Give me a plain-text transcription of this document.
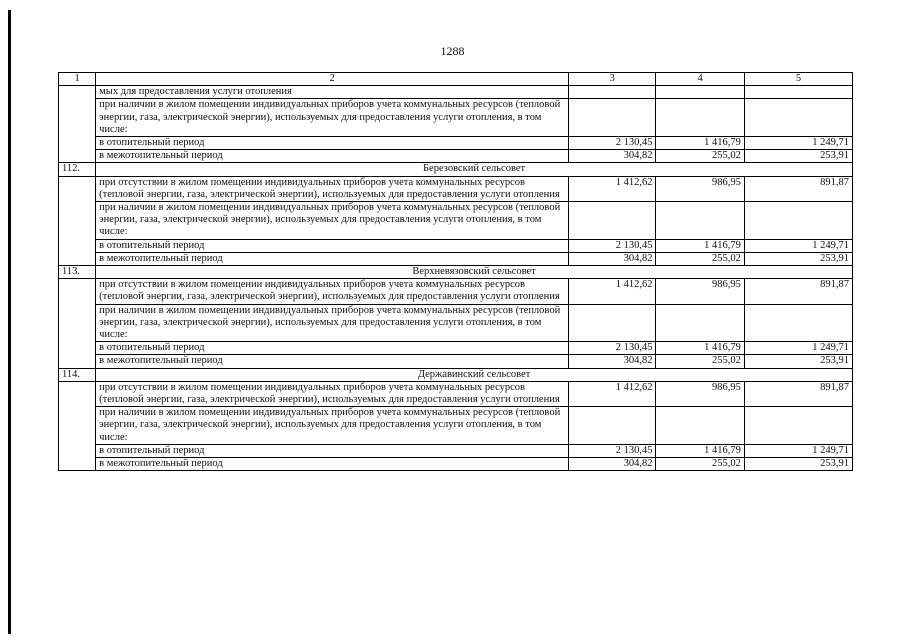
1288
1	2	3	4	5
	мых для предоставления услуги отопления			
	при наличии в жилом помещении индивидуальных приборов учета коммунальных ресурсов (тепловой энергии, газа, электрической энергии), используемых для предоставления услуги отопления, в том числе:			
	в отопительный период	2 130,45	1 416,79	1 249,71
	в межотопительный период	304,82	255,02	253,91
112.	Березовский сельсовет			
	при отсутствии в жилом помещении индивидуальных приборов учета коммунальных ресурсов (тепловой энергии, газа, электрической энергии), используемых для предоставления услуги отопления	1 412,62	986,95	891,87
	при наличии в жилом помещении индивидуальных приборов учета коммунальных ресурсов (тепловой энергии, газа, электрической энергии), используемых для предоставления услуги отопления, в том числе:			
	в отопительный период	2 130,45	1 416,79	1 249,71
	в межотопительный период	304,82	255,02	253,91
113.	Верхневязовский сельсовет			
	при отсутствии в жилом помещении индивидуальных приборов учета коммунальных ресурсов (тепловой энергии, газа, электрической энергии), используемых для предоставления услуги отопления	1 412,62	986,95	891,87
	при наличии в жилом помещении индивидуальных приборов учета коммунальных ресурсов (тепловой энергии, газа, электрической энергии), используемых для предоставления услуги отопления, в том числе:			
	в отопительный период	2 130,45	1 416,79	1 249,71
	в межотопительный период	304,82	255,02	253,91
114.	Державинский сельсовет			
	при отсутствии в жилом помещении индивидуальных приборов учета коммунальных ресурсов (тепловой энергии, газа, электрической энергии), используемых для предоставления услуги отопления	1 412,62	986,95	891,87
	при наличии в жилом помещении индивидуальных приборов учета коммунальных ресурсов (тепловой энергии, газа, электрической энергии), используемых для предоставления услуги отопления, в том числе:			
	в отопительный период	2 130,45	1 416,79	1 249,71
	в межотопительный период	304,82	255,02	253,91
